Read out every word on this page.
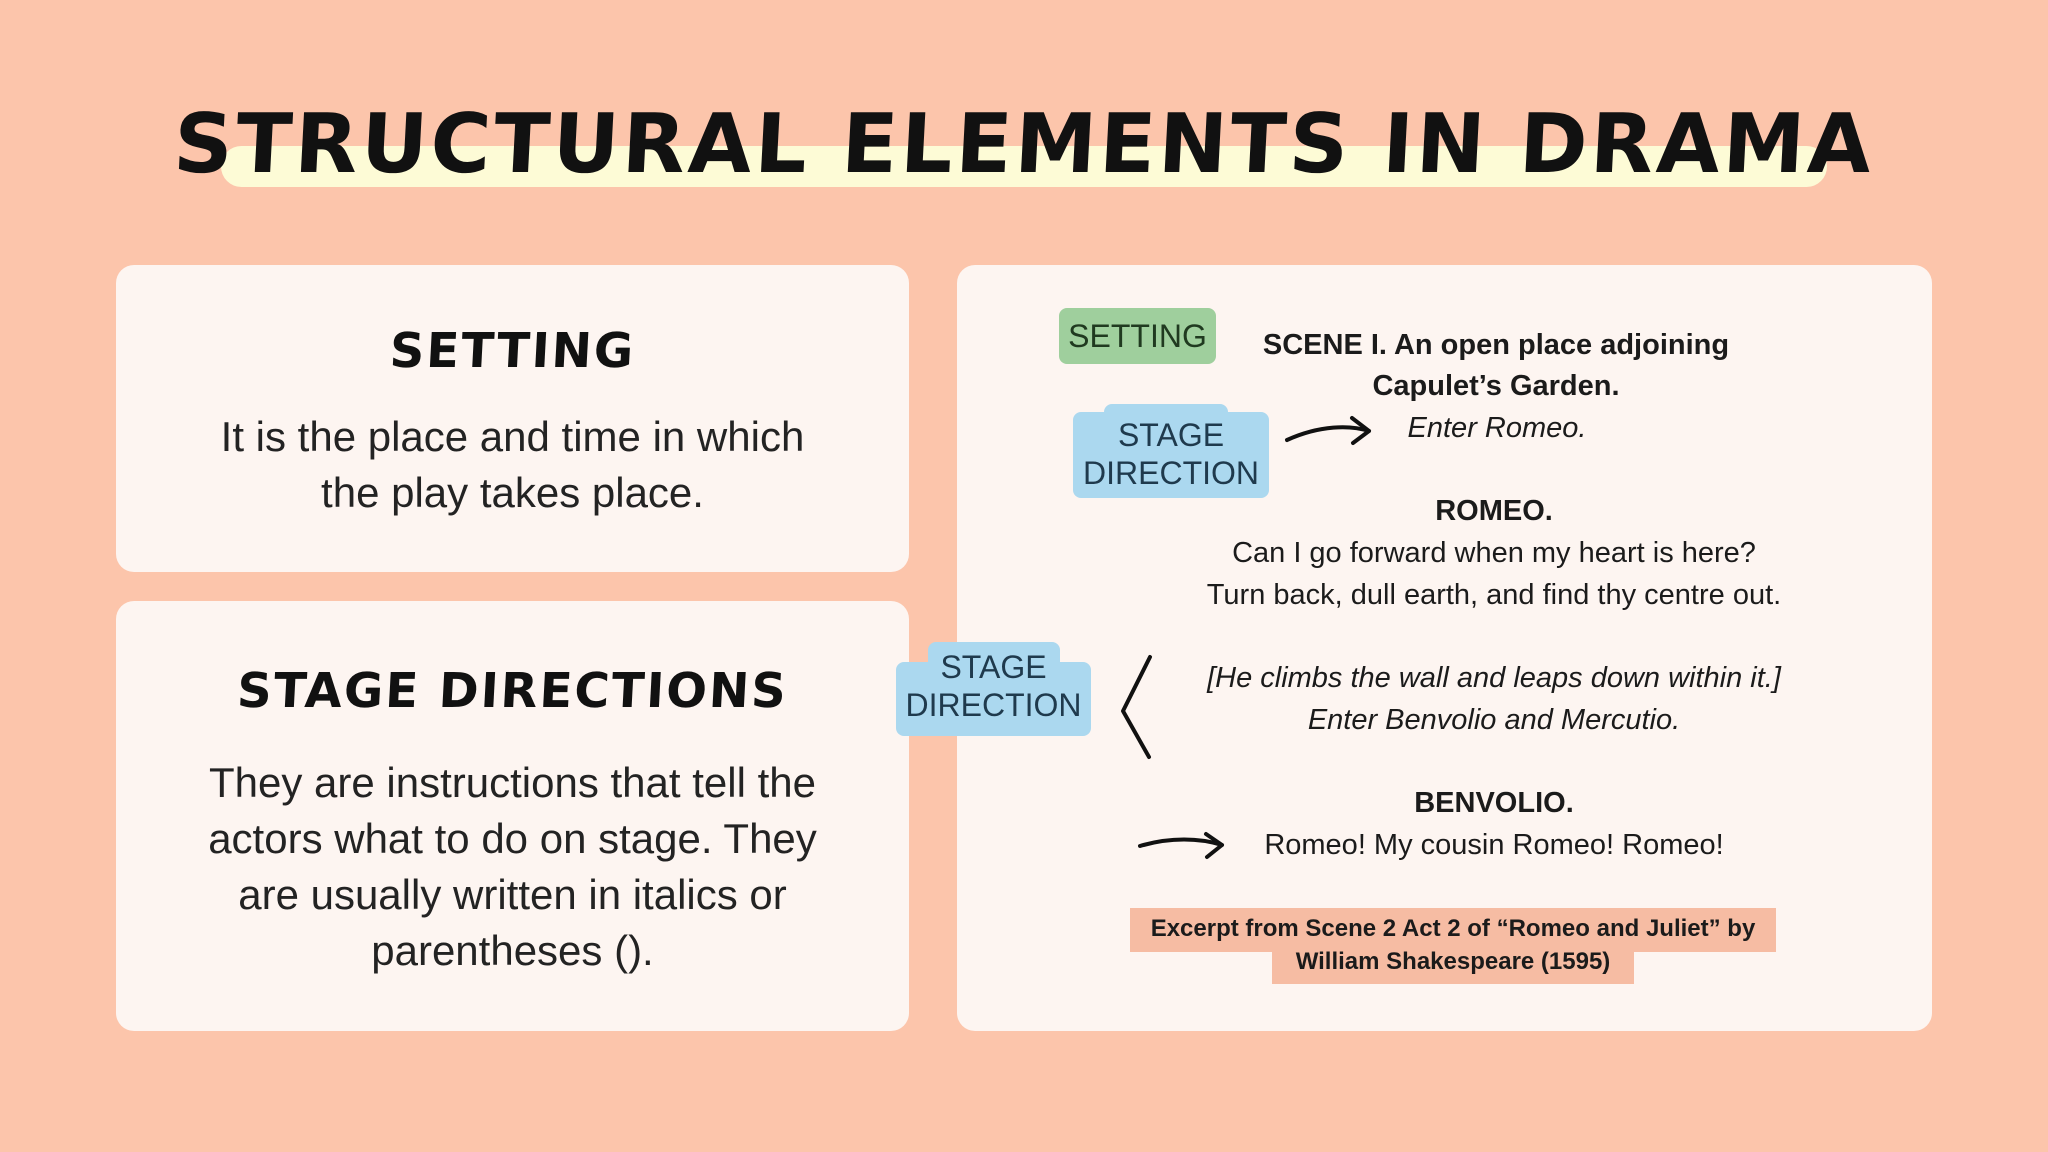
STRUCTURAL ELEMENTS IN DRAMA
SETTING
It is the place and time in which
the play takes place.
STAGE DIRECTIONS
They are instructions that tell the
actors what to do on stage. They
are usually written in italics or
parentheses ().
SETTING
STAGE
DIRECTION
STAGE
DIRECTION
SCENE I. An open place adjoining
Capulet’s Garden.
Enter Romeo.
ROMEO.
Can I go forward when my heart is here?
Turn back, dull earth, and find thy centre out.
[He climbs the wall and leaps down within it.]
Enter Benvolio and Mercutio.
BENVOLIO.
Romeo! My cousin Romeo! Romeo!
Excerpt from Scene 2 Act 2 of “Romeo and Juliet” by
William Shakespeare (1595)
